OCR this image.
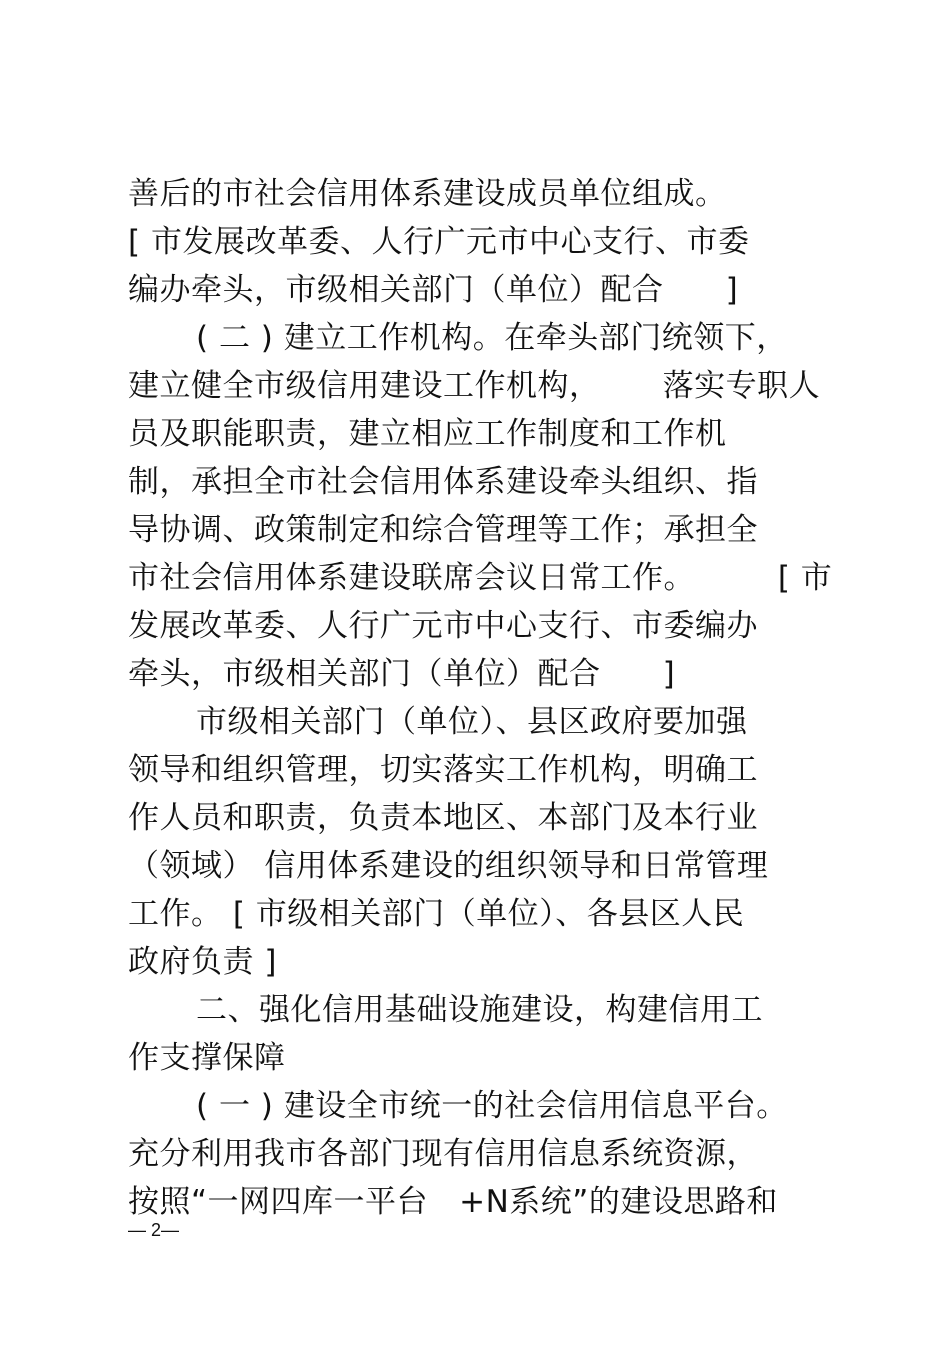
善后的市社会信用体系建设成员单位组成。
[ 市发展改革委、人行广元市中心支行、市委
编办牵头，市级相关部门（单位）配合      ]
( 二 ) 建立工作机构。在牵头部门统领下，
建立健全市级信用建设工作机构，      落实专职人
员及职能职责，建立相应工作制度和工作机
制，承担全市社会信用体系建设牵头组织、指
导协调、政策制定和综合管理等工作；承担全
市社会信用体系建设联席会议日常工作。        [ 市
发展改革委、人行广元市中心支行、市委编办
牵头，市级相关部门（单位）配合      ]
市级相关部门（单位）、县区政府要加强
领导和组织管理，切实落实工作机构，明确工
作人员和职责，负责本地区、本部门及本行业
（领域） 信用体系建设的组织领导和日常管理
工作。 [ 市级相关部门（单位）、各县区人民
政府负责 ]
二、强化信用基础设施建设，构建信用工
作支撑保障
( 一 ) 建设全市统一的社会信用信息平台。
充分利用我市各部门现有信用信息系统资源，
按照“一网四库一平台   +N系统”的建设思路和
— 2—
